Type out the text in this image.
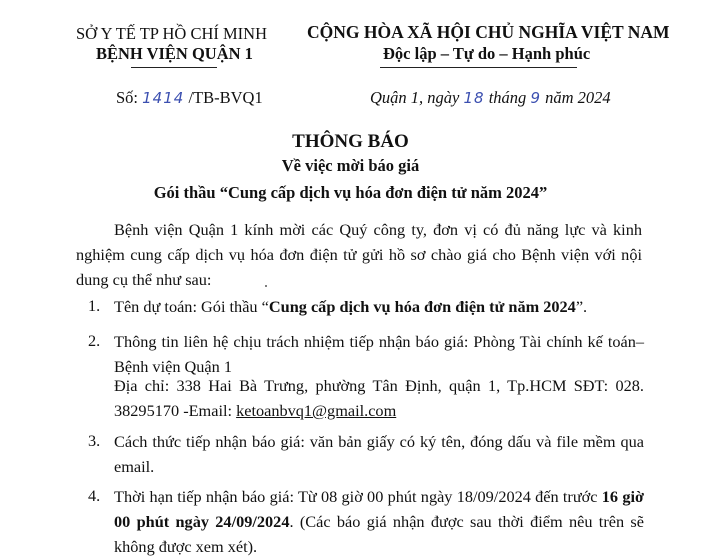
SỞ Y TẾ TP HỒ CHÍ MINH
BỆNH VIỆN QUẬN 1
CỘNG HÒA XÃ HỘI CHỦ NGHĨA VIỆT NAM
Độc lập – Tự do – Hạnh phúc
Số: 1414 /TB-BVQ1	Quận 1, ngày 18 tháng 9 năm 2024
THÔNG BÁO
Về việc mời báo giá
Gói thầu “Cung cấp dịch vụ hóa đơn điện tử năm 2024”
Bệnh viện Quận 1 kính mời các Quý công ty, đơn vị có đủ năng lực và kinh nghiệm cung cấp dịch vụ hóa đơn điện tử gửi hồ sơ chào giá cho Bệnh viện với nội dung cụ thể như sau:
1. Tên dự toán: Gói thầu “Cung cấp dịch vụ hóa đơn điện tử năm 2024”.
2. Thông tin liên hệ chịu trách nhiệm tiếp nhận báo giá: Phòng Tài chính kế toán– Bệnh viện Quận 1
Địa chỉ: 338 Hai Bà Trưng, phường Tân Định, quận 1, Tp.HCM SĐT: 028. 38295170 -Email: ketoanbvq1@gmail.com
3. Cách thức tiếp nhận báo giá: văn bản giấy có ký tên, đóng dấu và file mềm qua email.
4. Thời hạn tiếp nhận báo giá: Từ 08 giờ 00 phút ngày 18/09/2024 đến trước 16 giờ 00 phút ngày 24/09/2024. (Các báo giá nhận được sau thời điểm nêu trên sẽ không được xem xét).
